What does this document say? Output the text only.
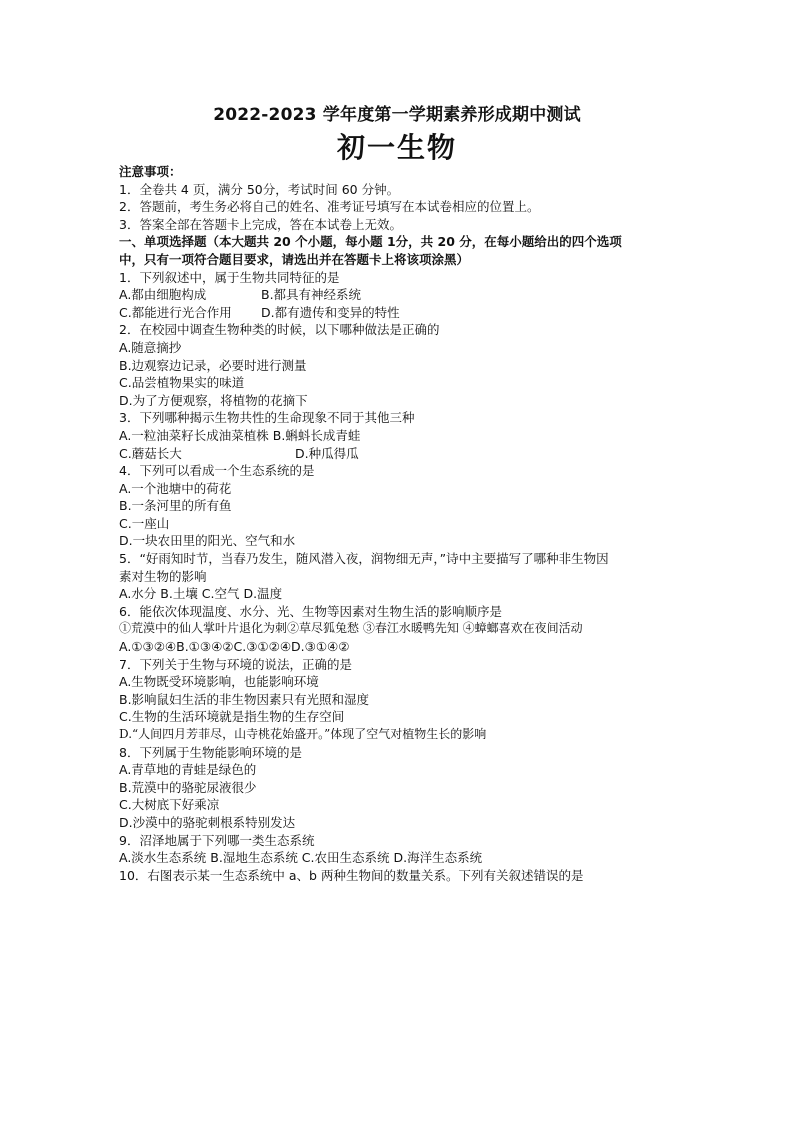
2022-2023 学年度第一学期素养形成期中测试
初一生物
注意事项：
1．全卷共 4 页，满分 50分，考试时间 60 分钟。
2．答题前，考生务必将自己的姓名、准考证号填写在本试卷相应的位置上。
3．答案全部在答题卡上完成，答在本试卷上无效。
一、单项选择题（本大题共 20 个小题，每小题 1分，共 20 分，在每小题给出的四个选项
中，只有一项符合题目要求，请选出并在答题卡上将该项涂黑）
1．下列叙述中，属于生物共同特征的是
A.都由细胞构成	B.都具有神经系统
C.都能进行光合作用 D.都有遗传和变异的特性
2．在校园中调查生物种类的时候，以下哪种做法是正确的
A.随意摘抄
B.边观察边记录，必要时进行测量
C.品尝植物果实的味道
D.为了方便观察，将植物的花摘下
3．下列哪种揭示生物共性的生命现象不同于其他三种
A.一粒油菜籽长成油菜植株 B.蝌蚪长成青蛙
C.蘑菇长大	D.种瓜得瓜
4．下列可以看成一个生态系统的是
A.一个池塘中的荷花
B.一条河里的所有鱼
C.一座山
D.一块农田里的阳光、空气和水
5．“好雨知时节，当春乃发生，随风潜入夜，润物细无声，”诗中主要描写了哪种非生物因
素对生物的影响
A.水分 B.土壤 C.空气 D.温度
6．能依次体现温度、水分、光、生物等因素对生物生活的影响顺序是
①荒漠中的仙人掌叶片退化为刺②草尽狐兔愁 ③春江水暖鸭先知 ④蟑螂喜欢在夜间活动
A.①③②④B.①③④②C.③①②④D.③①④②
7．下列关于生物与环境的说法，正确的是
A.生物既受环境影响，也能影响环境
B.影响鼠妇生活的非生物因素只有光照和湿度
C.生物的生活环境就是指生物的生存空间
D.“人间四月芳菲尽，山寺桃花始盛开。”体现了空气对植物生长的影响
8．下列属于生物能影响环境的是
A.青草地的青蛙是绿色的
B.荒漠中的骆驼尿液很少
C.大树底下好乘凉
D.沙漠中的骆驼刺根系特别发达
9．沼泽地属于下列哪一类生态系统
A.淡水生态系统 B.湿地生态系统 C.农田生态系统 D.海洋生态系统
10．右图表示某一生态系统中 a、b 两种生物间的数量关系。下列有关叙述错误的是
